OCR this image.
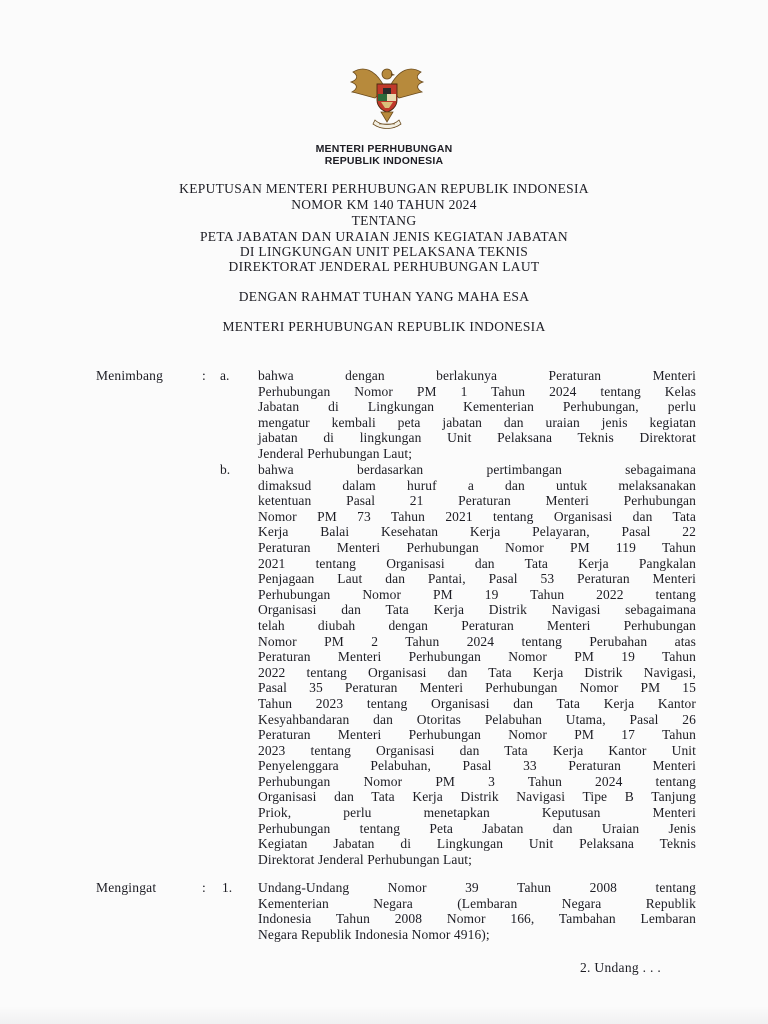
MENTERI PERHUBUNGAN
REPUBLIK INDONESIA
KEPUTUSAN MENTERI PERHUBUNGAN REPUBLIK INDONESIA
NOMOR KM 140 TAHUN 2024
TENTANG
PETA JABATAN DAN URAIAN JENIS KEGIATAN JABATAN
DI LINGKUNGAN UNIT PELAKSANA TEKNIS
DIREKTORAT JENDERAL PERHUBUNGAN LAUT
DENGAN RAHMAT TUHAN YANG MAHA ESA
MENTERI PERHUBUNGAN REPUBLIK INDONESIA
Menimbang	: a. bahwa dengan berlakunya Peraturan Menteri
Perhubungan Nomor PM 1 Tahun 2024 tentang Kelas
Jabatan di Lingkungan Kementerian Perhubungan, perlu
mengatur kembali peta jabatan dan uraian jenis kegiatan
jabatan di lingkungan Unit Pelaksana Teknis Direktorat
Jenderal Perhubungan Laut;
b. bahwa berdasarkan pertimbangan sebagaimana
dimaksud dalam huruf a dan untuk melaksanakan
ketentuan Pasal 21 Peraturan Menteri Perhubungan
Nomor PM 73 Tahun 2021 tentang Organisasi dan Tata
Kerja Balai Kesehatan Kerja Pelayaran, Pasal 22
Peraturan Menteri Perhubungan Nomor PM 119 Tahun
2021 tentang Organisasi dan Tata Kerja Pangkalan
Penjagaan Laut dan Pantai, Pasal 53 Peraturan Menteri
Perhubungan Nomor PM 19 Tahun 2022 tentang
Organisasi dan Tata Kerja Distrik Navigasi sebagaimana
telah diubah dengan Peraturan Menteri Perhubungan
Nomor PM 2 Tahun 2024 tentang Perubahan atas
Peraturan Menteri Perhubungan Nomor PM 19 Tahun
2022 tentang Organisasi dan Tata Kerja Distrik Navigasi,
Pasal 35 Peraturan Menteri Perhubungan Nomor PM 15
Tahun 2023 tentang Organisasi dan Tata Kerja Kantor
Kesyahbandaran dan Otoritas Pelabuhan Utama, Pasal 26
Peraturan Menteri Perhubungan Nomor PM 17 Tahun
2023 tentang Organisasi dan Tata Kerja Kantor Unit
Penyelenggara Pelabuhan, Pasal 33 Peraturan Menteri
Perhubungan Nomor PM 3 Tahun 2024 tentang
Organisasi dan Tata Kerja Distrik Navigasi Tipe B Tanjung
Priok, perlu menetapkan Keputusan Menteri
Perhubungan tentang Peta Jabatan dan Uraian Jenis
Kegiatan Jabatan di Lingkungan Unit Pelaksana Teknis
Direktorat Jenderal Perhubungan Laut;
Mengingat	: 1. Undang-Undang Nomor 39 Tahun 2008 tentang
Kementerian Negara (Lembaran Negara Republik
Indonesia Tahun 2008 Nomor 166, Tambahan Lembaran
Negara Republik Indonesia Nomor 4916);
2. Undang . . .
